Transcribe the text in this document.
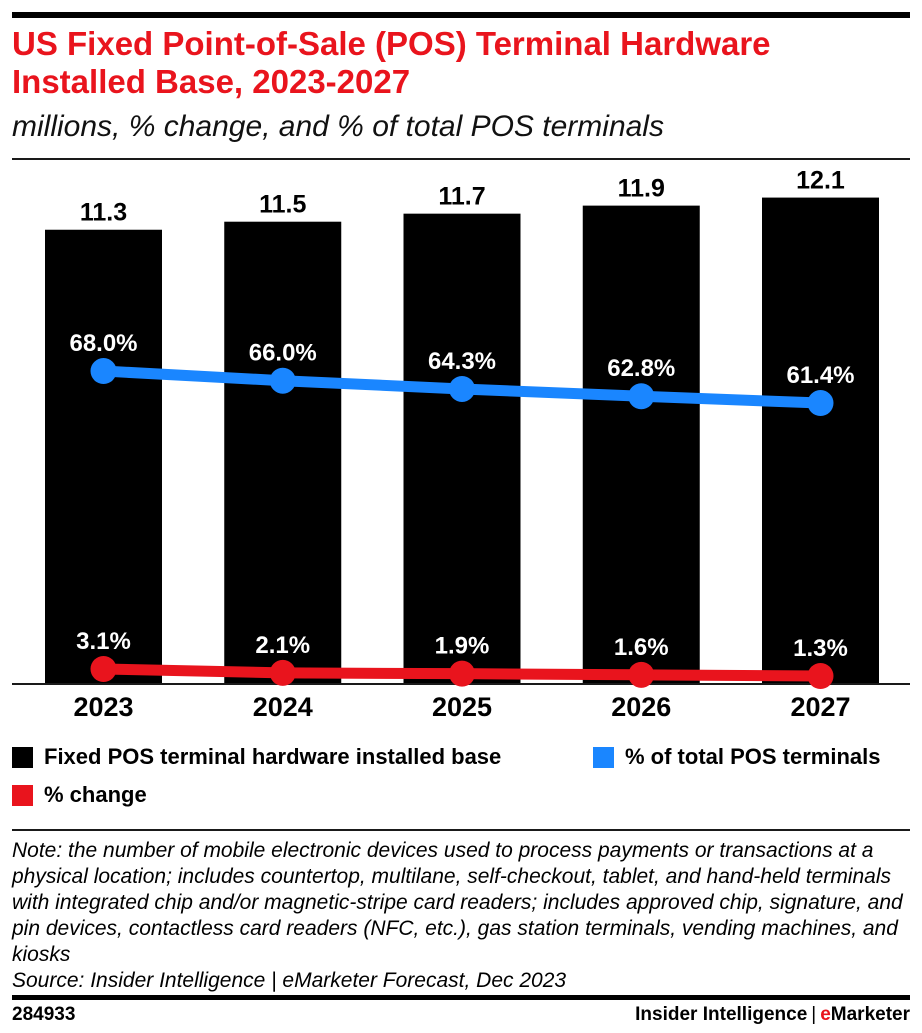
US Fixed Point-of-Sale (POS) Terminal Hardware Installed Base, 2023-2027
millions, % change, and % of total POS terminals
11.3	11.5	11.7	11.9	12.1
68.0%	66.0%	64.3%	62.8%	61.4%
3.1%	2.1%	1.9%	1.6%	1.3%
2023	2024	2025	2026	2027
Fixed POS terminal hardware installed base	% of total POS terminals
% change
Note: the number of mobile electronic devices used to process payments or transactions at a physical location; includes countertop, multilane, self-checkout, tablet, and hand-held terminals with integrated chip and/or magnetic-stripe card readers; includes approved chip, signature, and pin devices, contactless card readers (NFC, etc.), gas station terminals, vending machines, and kiosks
Source: Insider Intelligence | eMarketer Forecast, Dec 2023
284933	Insider Intelligence | eMarketer
